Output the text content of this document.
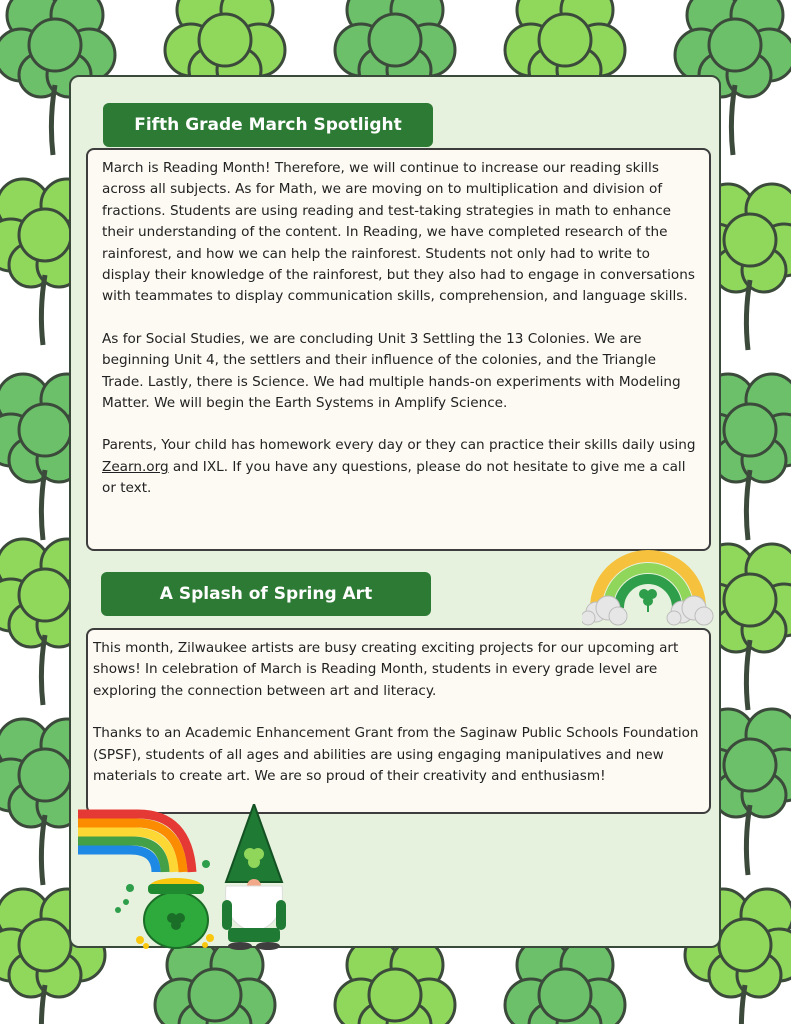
Fifth Grade March Spotlight

March is Reading Month! Therefore, we will continue to increase our reading skills across all subjects. As for Math, we are moving on to multiplication and division of fractions. Students are using reading and test-taking strategies in math to enhance their understanding of the content. In Reading, we have completed research of the rainforest, and how we can help the rainforest. Students not only had to write to display their knowledge of the rainforest, but they also had to engage in conversations with teammates to display communication skills, comprehension, and language skills.

As for Social Studies, we are concluding Unit 3 Settling the 13 Colonies. We are beginning Unit 4, the settlers and their influence of the colonies, and the Triangle Trade. Lastly, there is Science. We had multiple hands-on experiments with Modeling Matter. We will begin the Earth Systems in Amplify Science.

Parents, Your child has homework every day or they can practice their skills daily using Zearn.org and IXL. If you have any questions, please do not hesitate to give me a call or text.

A Splash of Spring Art

This month, Zilwaukee artists are busy creating exciting projects for our upcoming art shows! In celebration of March is Reading Month, students in every grade level are exploring the connection between art and literacy.

Thanks to an Academic Enhancement Grant from the Saginaw Public Schools Foundation (SPSF), students of all ages and abilities are using engaging manipulatives and new materials to create art. We are so proud of their creativity and enthusiasm!
